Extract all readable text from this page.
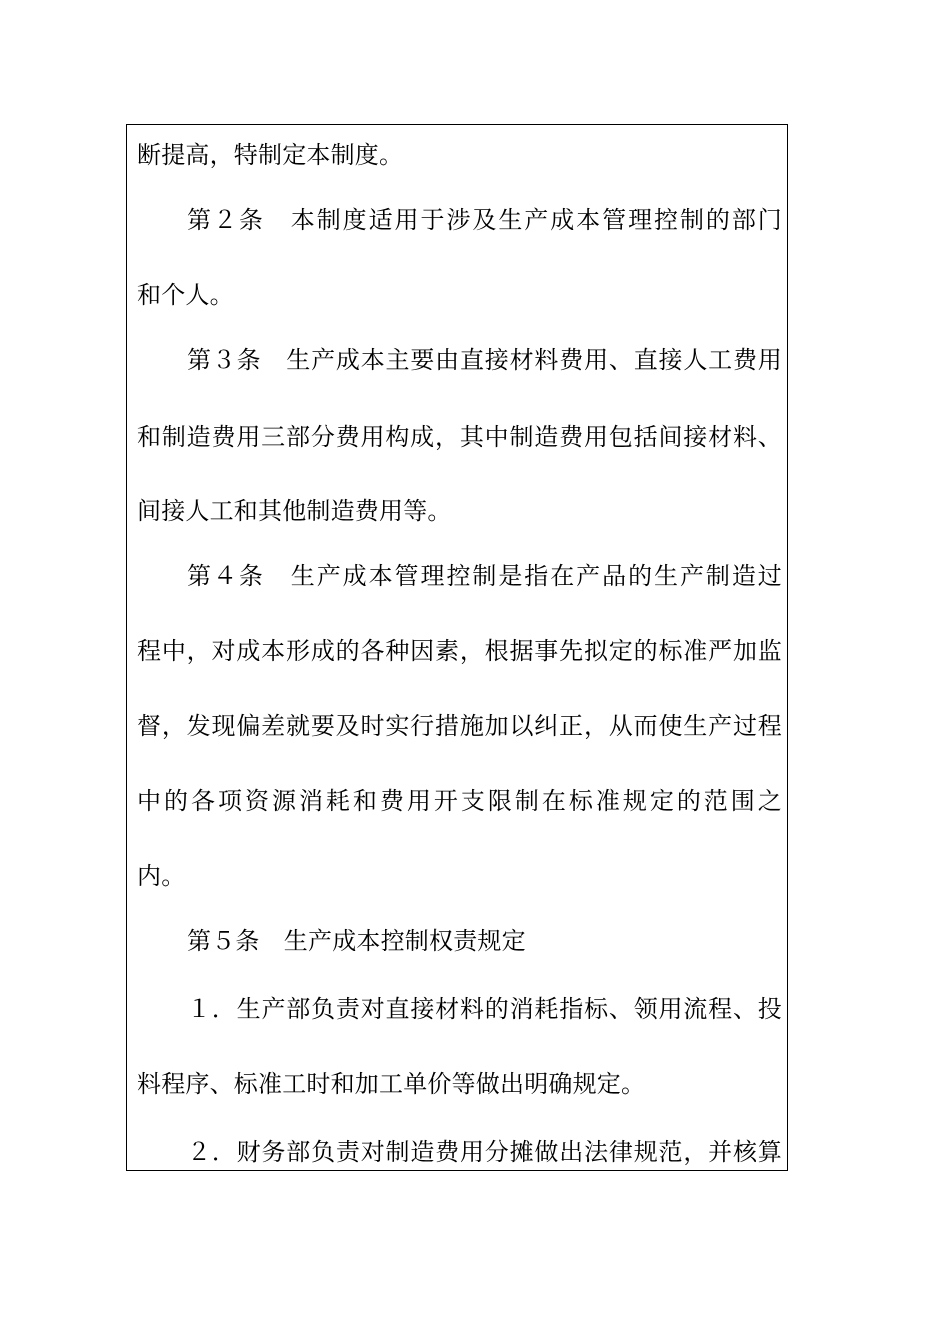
断提高，特制定本制度。
第２条　本制度适用于涉及生产成本管理控制的部门
和个人。
第３条　生产成本主要由直接材料费用、直接人工费用
和制造费用三部分费用构成，其中制造费用包括间接材料、
间接人工和其他制造费用等。
第４条　生产成本管理控制是指在产品的生产制造过
程中，对成本形成的各种因素，根据事先拟定的标准严加监
督，发现偏差就要及时实行措施加以纠正，从而使生产过程
中的各项资源消耗和费用开支限制在标准规定的范围之
内。
第５条　生产成本控制权责规定
１．生产部负责对直接材料的消耗指标、领用流程、投
料程序、标准工时和加工单价等做出明确规定。
２．财务部负责对制造费用分摊做出法律规范，并核算
